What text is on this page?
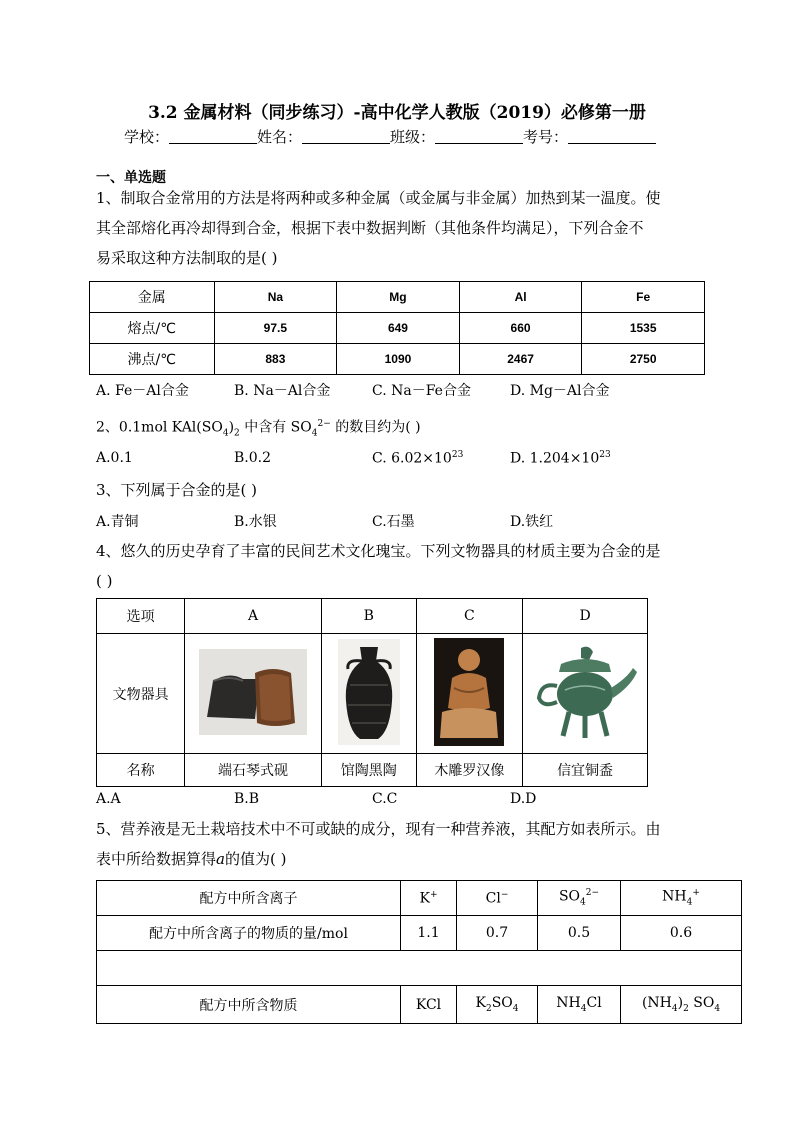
3.2 金属材料（同步练习）-高中化学人教版（2019）必修第一册
学校：	姓名：	班级：	考号：
一、单选题
1、制取合金常用的方法是将两种或多种金属（或金属与非金属）加热到某一温度。使
其全部熔化再冷却得到合金，根据下表中数据判断（其他条件均满足），下列合金不
易采取这种方法制取的是( )
金属	Na	Mg	Al	Fe
熔点/℃	97.5	649	660	1535
沸点/℃	883	1090	2467	2750
A. Fe－Al合金	B. Na－Al合金	C. Na－Fe合金	D. Mg－Al合金
2、0.1mol $KAl(SO_4)_2$ 中含有 $SO_4^{2-}$ 的数目约为( )
A.0.1	B.0.2	C. $6.02\times 10^{23}$	D. $1.204\times 10^{23}$
3、下列属于合金的是( )
A.青铜	B.水银	C.石墨	D.铁红
4、悠久的历史孕育了丰富的民间艺术文化瑰宝。下列文物器具的材质主要为合金的是
( )
选项	A	B	C	D
文物器具				
名称	端石琴式砚	馆陶黑陶	木雕罗汉像	信宜铜盉
A.A	B.B	C.C	D.D
5、营养液是无土栽培技术中不可或缺的成分，现有一种营养液，其配方如表所示。由
表中所给数据算得a的值为( )
配方中所含离子	K+	Cl−	$SO_4^{2-}$	$NH_4^+$
配方中所含离子的物质的量/mol	1.1	0.7	0.5	0.6

配方中所含物质	KCl	$K_2SO_4$	$NH_4Cl$	$(NH_4)_2$ $SO_4$
